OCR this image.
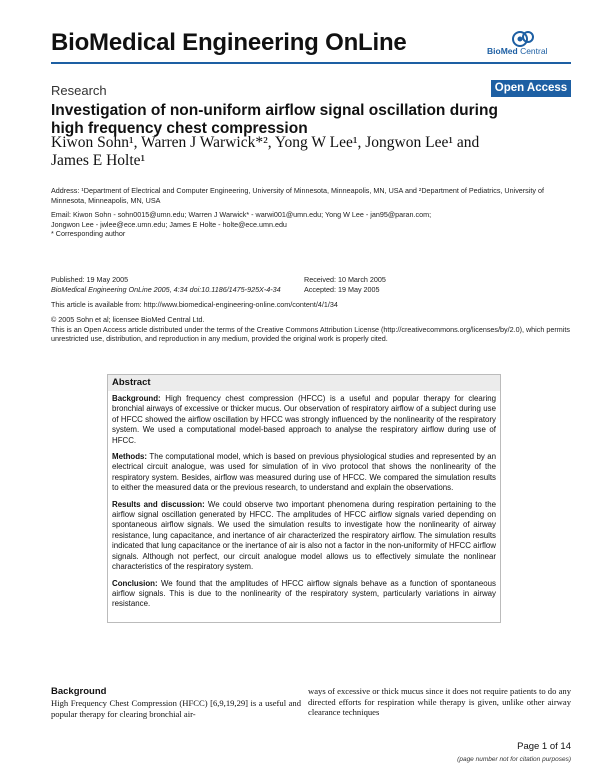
BioMedical Engineering OnLine	BioMed Central
Research	Open Access
Investigation of non-uniform airflow signal oscillation during high frequency chest compression
Kiwon Sohn¹, Warren J Warwick*², Yong W Lee¹, Jongwon Lee¹ and
James E Holte¹
Address: ¹Department of Electrical and Computer Engineering, University of Minnesota, Minneapolis, MN, USA and ²Department of Pediatrics, University of Minnesota, Minneapolis, MN, USA
Email: Kiwon Sohn - sohn0015@umn.edu; Warren J Warwick* - warwi001@umn.edu; Yong W Lee - jan95@paran.com;
Jongwon Lee - jwlee@ece.umn.edu; James E Holte - holte@ece.umn.edu
* Corresponding author
Published: 19 May 2005
BioMedical Engineering OnLine 2005, 4:34 doi:10.1186/1475-925X-4-34
Received: 10 March 2005
Accepted: 19 May 2005
This article is available from: http://www.biomedical-engineering-online.com/content/4/1/34
© 2005 Sohn et al; licensee BioMed Central Ltd.
This is an Open Access article distributed under the terms of the Creative Commons Attribution License (http://creativecommons.org/licenses/by/2.0), which permits unrestricted use, distribution, and reproduction in any medium, provided the original work is properly cited.
Abstract

Background: High frequency chest compression (HFCC) is a useful and popular therapy for clearing bronchial airways of excessive or thicker mucus. Our observation of respiratory airflow of a subject during use of HFCC showed the airflow oscillation by HFCC was strongly influenced by the nonlinearity of the respiratory system. We used a computational model-based approach to analyse the respiratory airflow during use of HFCC.

Methods: The computational model, which is based on previous physiological studies and represented by an electrical circuit analogue, was used for simulation of in vivo protocol that shows the nonlinearity of the respiratory system. Besides, airflow was measured during use of HFCC. We compared the simulation results to either the measured data or the previous research, to understand and explain the observations.

Results and discussion: We could observe two important phenomena during respiration pertaining to the airflow signal oscillation generated by HFCC. The amplitudes of HFCC airflow signals varied depending on spontaneous airflow signals. We used the simulation results to investigate how the nonlinearity of airway resistance, lung capacitance, and inertance of air characterized the respiratory airflow. The simulation results indicated that lung capacitance or the inertance of air is also not a factor in the non-uniformity of HFCC airflow signals. Although not perfect, our circuit analogue model allows us to effectively simulate the nonlinear characteristics of the respiratory system.

Conclusion: We found that the amplitudes of HFCC airflow signals behave as a function of spontaneous airflow signals. This is due to the nonlinearity of the respiratory system, particularly variations in airway resistance.

Background
High Frequency Chest Compression (HFCC) [6,9,19,29] is a useful and popular therapy for clearing bronchial air-
ways of excessive or thick mucus since it does not require patients to do any directed efforts for respiration while therapy is given, unlike other airway clearance techniques
Page 1 of 14
(page number not for citation purposes)
